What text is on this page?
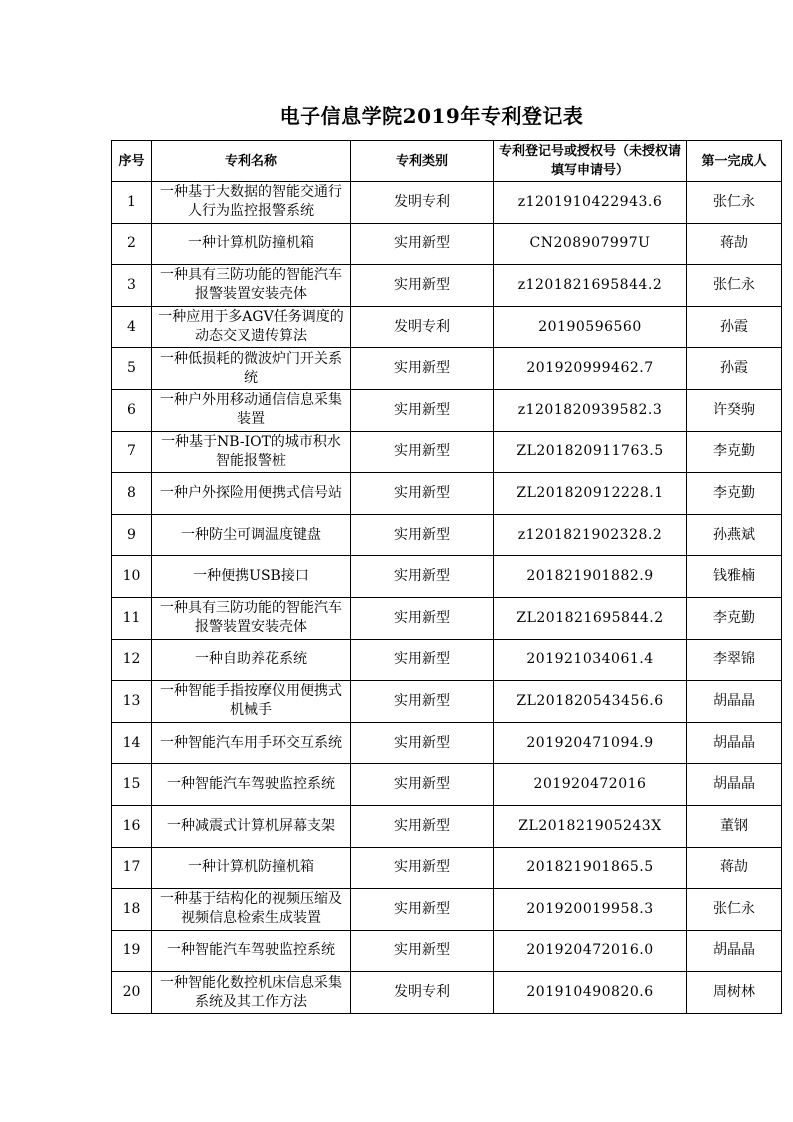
电子信息学院2019年专利登记表
序号	专利名称	专利类别	专利登记号或授权号（未授权请填写申请号）	第一完成人
1	一种基于大数据的智能交通行人行为监控报警系统	发明专利	z1201910422943.6	张仁永
2	一种计算机防撞机箱	实用新型	CN208907997U	蒋劼
3	一种具有三防功能的智能汽车报警装置安装壳体	实用新型	z1201821695844.2	张仁永
4	一种应用于多AGV任务调度的动态交叉遗传算法	发明专利	20190596560	孙霞
5	一种低损耗的微波炉门开关系统	实用新型	201920999462.7	孙霞
6	一种户外用移动通信信息采集装置	实用新型	z1201820939582.3	许癸驹
7	一种基于NB-IOT的城市积水智能报警桩	实用新型	ZL201820911763.5	李克勤
8	一种户外探险用便携式信号站	实用新型	ZL201820912228.1	李克勤
9	一种防尘可调温度键盘	实用新型	z1201821902328.2	孙燕斌
10	一种便携USB接口	实用新型	201821901882.9	钱雅楠
11	一种具有三防功能的智能汽车报警装置安装壳体	实用新型	ZL201821695844.2	李克勤
12	一种自助养花系统	实用新型	201921034061.4	李翠锦
13	一种智能手指按摩仪用便携式机械手	实用新型	ZL201820543456.6	胡晶晶
14	一种智能汽车用手环交互系统	实用新型	201920471094.9	胡晶晶
15	一种智能汽车驾驶监控系统	实用新型	201920472016	胡晶晶
16	一种减震式计算机屏幕支架	实用新型	ZL201821905243X	董钢
17	一种计算机防撞机箱	实用新型	201821901865.5	蒋劼
18	一种基于结构化的视频压缩及视频信息检索生成装置	实用新型	201920019958.3	张仁永
19	一种智能汽车驾驶监控系统	实用新型	201920472016.0	胡晶晶
20	一种智能化数控机床信息采集系统及其工作方法	发明专利	201910490820.6	周树林
